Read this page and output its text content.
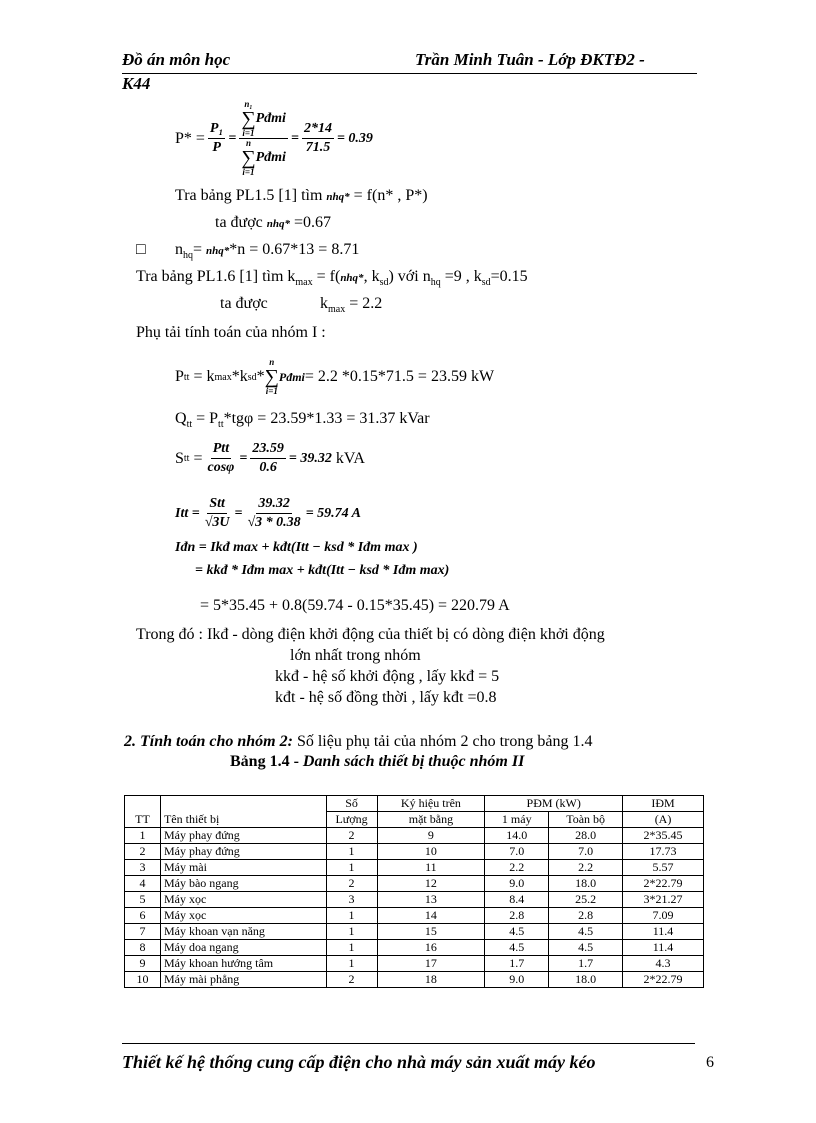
Đồ án môn học	Trần Minh Tuân - Lớp ĐKTĐ2 -
K44
$P* = \frac{\text{P₁}}{P} = n_1$
∑
i=1
Pđmi
n
∑
i=1
Pđmi = $\frac{2*14}{71.5} = 0.39$
Tra bảng PL1.5 [1] tìm nhq* = f(n* , P*)
ta được nhq* =0.67
□ $n_{hq}= nhq**n = 0.67*13 = 8.71$
Tra bảng PL1.6 [1] tìm $k_{max} = f(nhq*$, $k_{sd}$) với $n_{hq} =9$ , $k_{sd}=0.15$
ta được	$k_{max} = 2.2$
Phụ tải tính toán của nhóm I :
P tt
= k max *k sd *
n
∑
i=1
Pđmi = 2.2 *0.15*71.5 = 23.59 kW
$Q_{tt} = P_{tt}*tg\varphi = 23.59*1.33 = 31.37$ kVar
S tt
= $\frac{\text{Ptt}}{\cos\varphi} = \frac{23.59}{0.6} = 39.32$
kVA
Itt = $\frac{\text{Stt}}{√3U} = \frac{39.32}{√3 * 0.38} = 59.74$ A
Iđn = Ikđ max + kđt(Itt − ksd * Iđm max )
= kkđ * Iđm max + kđt(Itt − ksd * Iđm max)
= 5*35.45 + 0.8(59.74 - 0.15*35.45) = 220.79 A
Trong đó : Ikđ - dòng điện khởi động của thiết bị có dòng điện khởi động
lớn nhất trong nhóm
kkđ - hệ số khởi động , lấy kkđ = 5
kđt - hệ số đồng thời , lấy kđt =0.8
2. Tính toán cho nhóm 2: Số liệu phụ tải của nhóm 2 cho trong bảng 1.4
Bảng 1.4 - Danh sách thiết bị thuộc nhóm II
TT	Tên thiết bị	Số	Ký hiệu trên	PĐM (kW)		IĐM
		Lượng	mặt bằng	1 máy	Toàn bộ	(A)
1	Máy phay đứng	2	9	14.0	28.0	2*35.45
2	Máy phay đứng	1	10	7.0	7.0	17.73
3	Máy mài	1	11	2.2	2.2	5.57
4	Máy bào ngang	2	12	9.0	18.0	2*22.79
5	Máy xọc	3	13	8.4	25.2	3*21.27
6	Máy xọc	1	14	2.8	2.8	7.09
7	Máy khoan vạn năng	1	15	4.5	4.5	11.4
8	Máy doa ngang	1	16	4.5	4.5	11.4
9	Máy khoan hướng tâm	1	17	1.7	1.7	4.3
10	Máy mài phẳng	2	18	9.0	18.0	2*22.79
Thiết kế hệ thống cung cấp điện cho nhà máy sản xuất máy kéo	6
